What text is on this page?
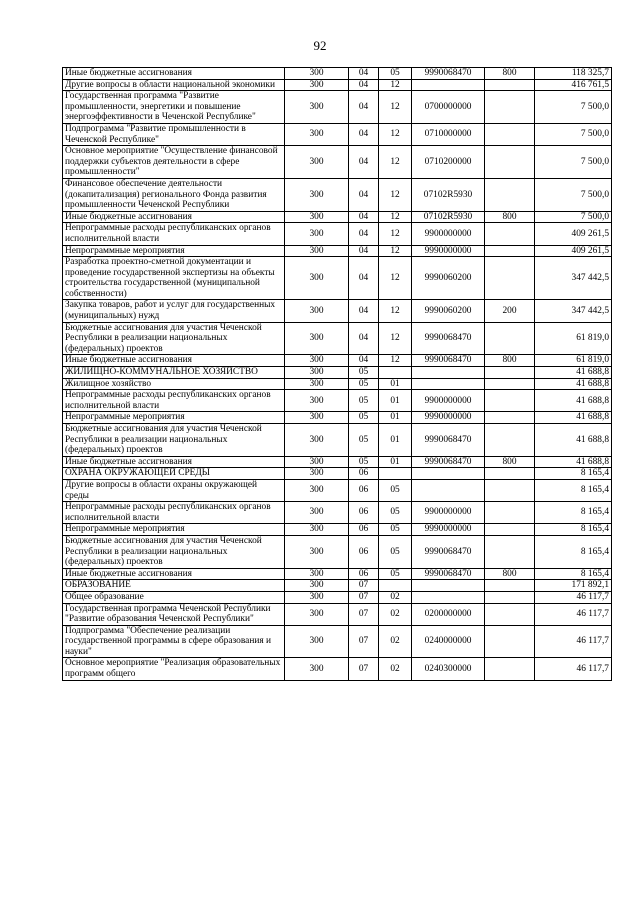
92
Иные бюджетные ассигнования	300	04	05	9990068470	800	118 325,7
Другие вопросы в области национальной экономики	300	04	12			416 761,5
Государственная программа "Развитие промышленности, энергетики и повышение энергоэффективности в Чеченской Республике"	300	04	12	0700000000		7 500,0
Подпрограмма "Развитие промышленности в Чеченской Республике"	300	04	12	0710000000		7 500,0
Основное мероприятие "Осуществление финансовой поддержки субъектов деятельности в сфере промышленности"	300	04	12	0710200000		7 500,0
Финансовое обеспечение деятельности (докапитализация) регионального Фонда развития промышленности Чеченской Республики	300	04	12	07102R5930		7 500,0
Иные бюджетные ассигнования	300	04	12	07102R5930	800	7 500,0
Непрограммные расходы республиканских органов исполнительной власти	300	04	12	9900000000		409 261,5
Непрограммные мероприятия	300	04	12	9990000000		409 261,5
Разработка проектно-сметной документации и проведение государственной экспертизы на объекты строительства государственной (муниципальной собственности)	300	04	12	9990060200		347 442,5
Закупка товаров, работ и услуг для государственных (муниципальных) нужд	300	04	12	9990060200	200	347 442,5
Бюджетные ассигнования для участия Чеченской Республики в реализации национальных (федеральных) проектов	300	04	12	9990068470		61 819,0
Иные бюджетные ассигнования	300	04	12	9990068470	800	61 819,0
ЖИЛИЩНО-КОММУНАЛЬНОЕ ХОЗЯЙСТВО	300	05				41 688,8
Жилищное хозяйство	300	05	01			41 688,8
Непрограммные расходы республиканских органов исполнительной власти	300	05	01	9900000000		41 688,8
Непрограммные мероприятия	300	05	01	9990000000		41 688,8
Бюджетные ассигнования для участия Чеченской Республики в реализации национальных (федеральных) проектов	300	05	01	9990068470		41 688,8
Иные бюджетные ассигнования	300	05	01	9990068470	800	41 688,8
ОХРАНА ОКРУЖАЮЩЕЙ СРЕДЫ	300	06				8 165,4
Другие вопросы в области охраны окружающей среды	300	06	05			8 165,4
Непрограммные расходы республиканских органов исполнительной власти	300	06	05	9900000000		8 165,4
Непрограммные мероприятия	300	06	05	9990000000		8 165,4
Бюджетные ассигнования для участия Чеченской Республики в реализации национальных (федеральных) проектов	300	06	05	9990068470		8 165,4
Иные бюджетные ассигнования	300	06	05	9990068470	800	8 165,4
ОБРАЗОВАНИЕ	300	07				171 892,1
Общее образование	300	07	02			46 117,7
Государственная программа Чеченской Республики "Развитие образования Чеченской Республики"	300	07	02	0200000000		46 117,7
Подпрограмма "Обеспечение реализации государственной программы в сфере образования и науки"	300	07	02	0240000000		46 117,7
Основное мероприятие "Реализация образовательных программ общего	300	07	02	0240300000		46 117,7
